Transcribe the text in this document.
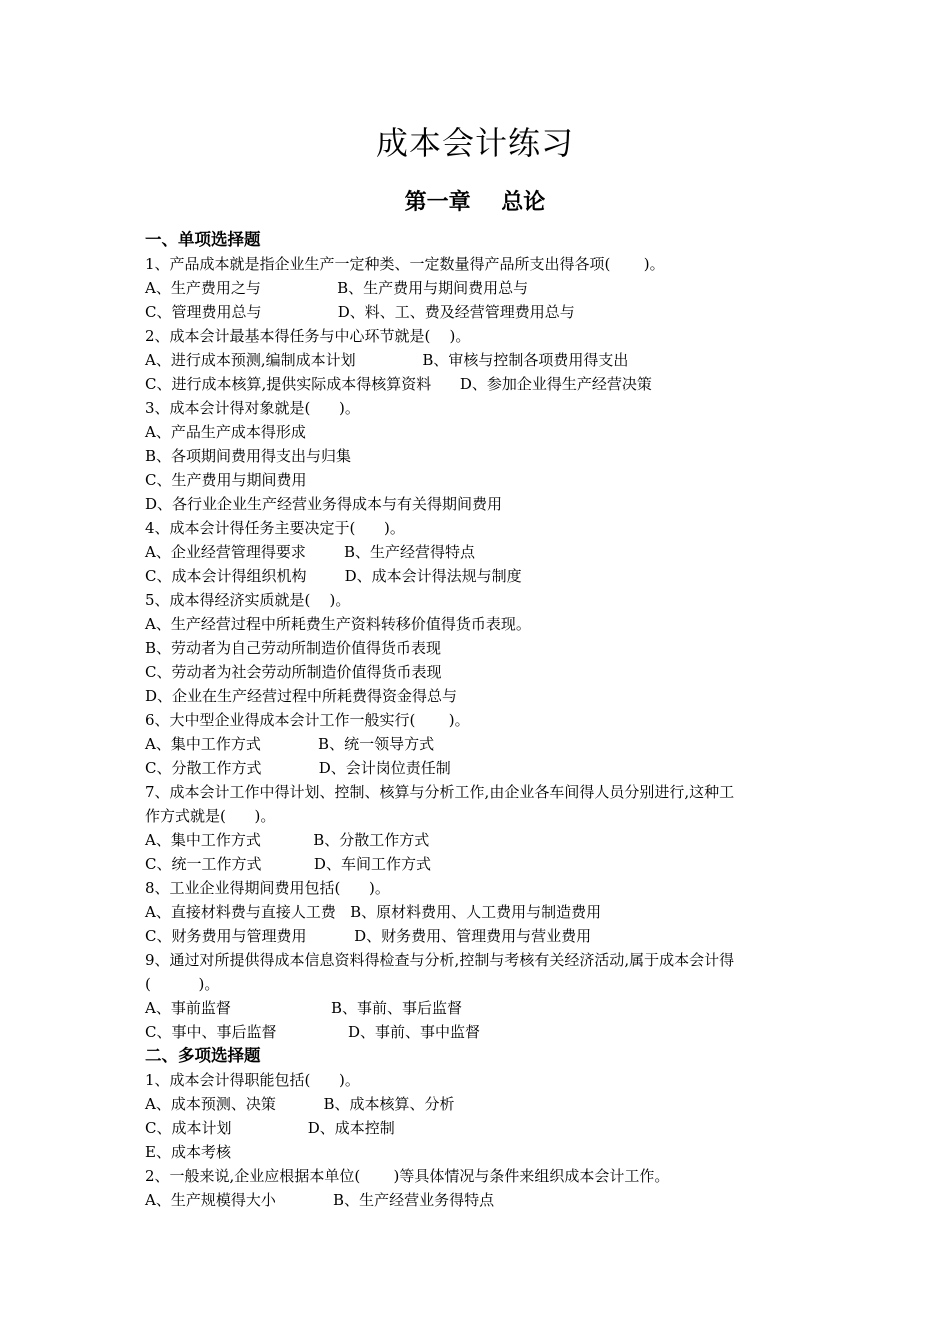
成本会计练习
第一章    总论
一、单项选择题
1、产品成本就是指企业生产一定种类、一定数量得产品所支出得各项(       )。
A、生产费用之与                B、生产费用与期间费用总与
C、管理费用总与                D、料、工、费及经营管理费用总与
2、成本会计最基本得任务与中心环节就是(    )。
A、进行成本预测,编制成本计划              B、审核与控制各项费用得支出
C、进行成本核算,提供实际成本得核算资料      D、参加企业得生产经营决策
3、成本会计得对象就是(      )。
A、产品生产成本得形成
B、各项期间费用得支出与归集
C、生产费用与期间费用
D、各行业企业生产经营业务得成本与有关得期间费用
4、成本会计得任务主要决定于(      )。
A、企业经营管理得要求        B、生产经营得特点
C、成本会计得组织机构        D、成本会计得法规与制度
5、成本得经济实质就是(    )。
A、生产经营过程中所耗费生产资料转移价值得货币表现。
B、劳动者为自己劳动所制造价值得货币表现
C、劳动者为社会劳动所制造价值得货币表现
D、企业在生产经营过程中所耗费得资金得总与
6、大中型企业得成本会计工作一般实行(       )。
A、集中工作方式            B、统一领导方式
C、分散工作方式            D、会计岗位责任制
7、成本会计工作中得计划、控制、核算与分析工作,由企业各车间得人员分别进行,这种工
作方式就是(      )。
A、集中工作方式           B、分散工作方式
C、统一工作方式           D、车间工作方式
8、工业企业得期间费用包括(      )。
A、直接材料费与直接人工费   B、原材料费用、人工费用与制造费用
C、财务费用与管理费用          D、财务费用、管理费用与营业费用
9、通过对所提供得成本信息资料得检查与分析,控制与考核有关经济活动,属于成本会计得
(          )。
A、事前监督                     B、事前、事后监督
C、事中、事后监督               D、事前、事中监督
二、多项选择题
1、成本会计得职能包括(      )。
A、成本预测、决策          B、成本核算、分析
C、成本计划                D、成本控制
E、成本考核
2、一般来说,企业应根据本单位(       )等具体情况与条件来组织成本会计工作。
A、生产规模得大小            B、生产经营业务得特点
